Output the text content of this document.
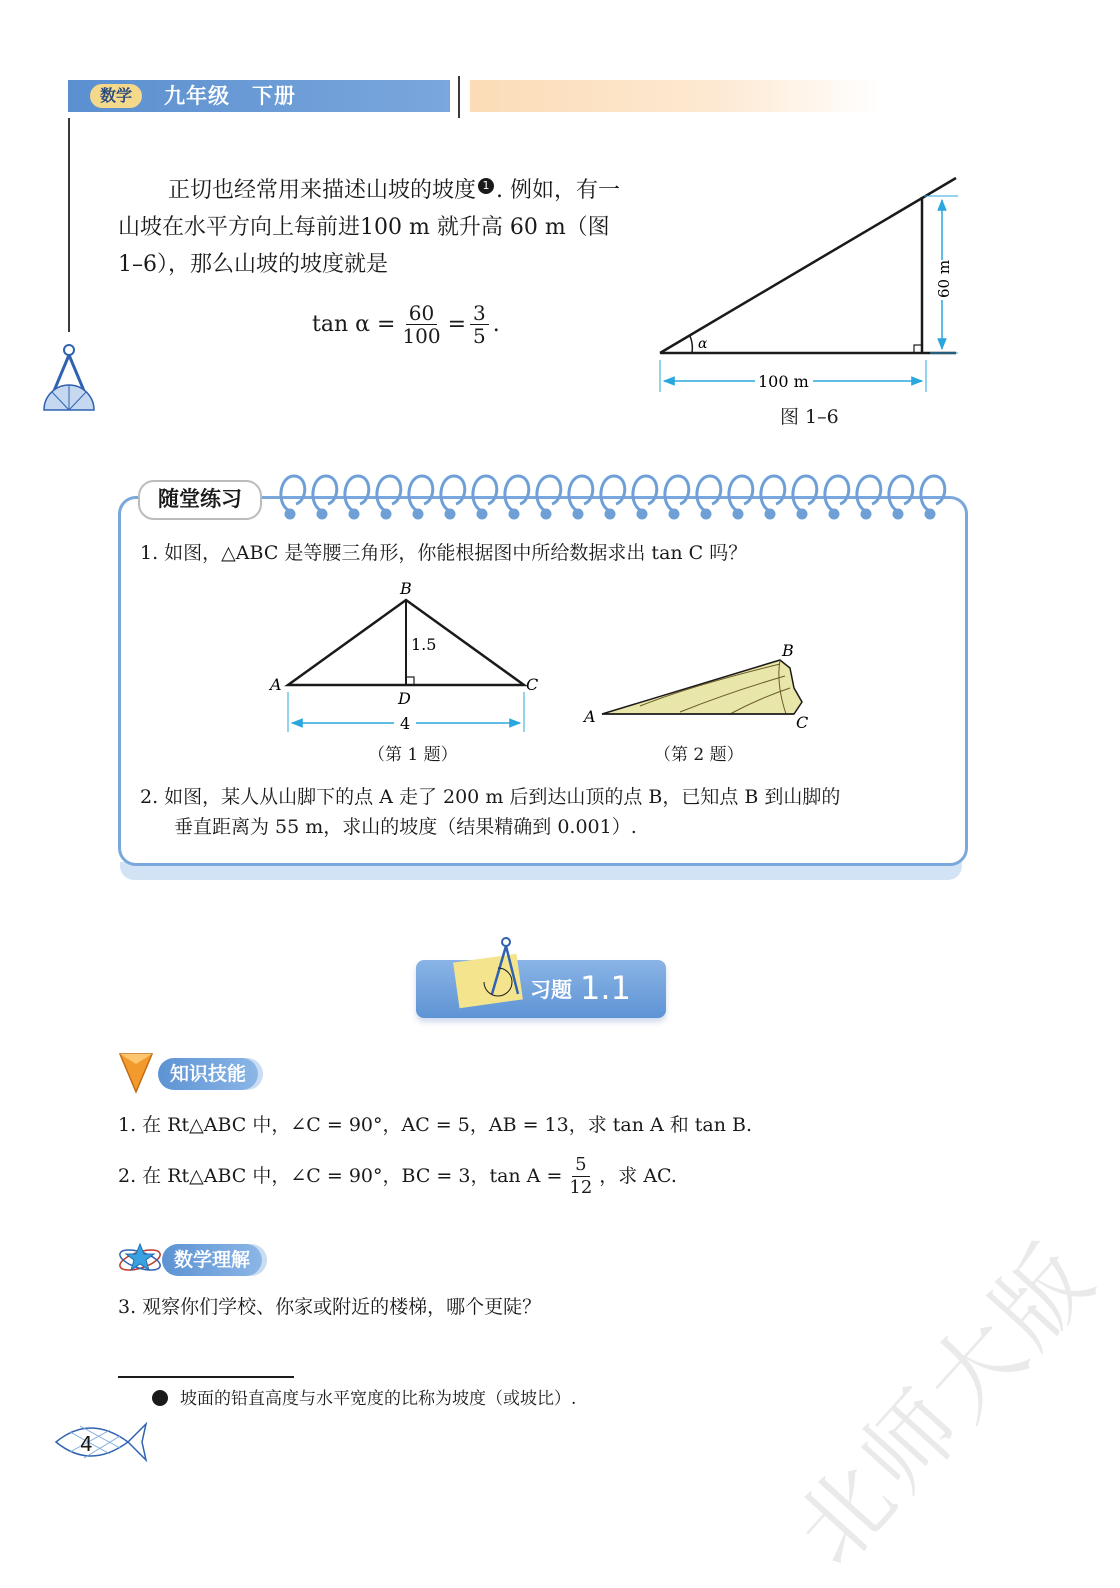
数学	九年级　下册
正切也经常用来描述山坡的坡度 1 . 例如，有一山坡在水平方向上每前进100 m 就升高 60 m（图 1–6），那么山坡的坡度就是
$\tan \alpha = \frac{60}{100} = \frac{3}{5}$ .
α
60 m
100 m
图 1–6
随堂练习
1. 如图，△ABC 是等腰三角形，你能根据图中所给数据求出 tan C 吗？
B
A	C
D
1.5
4
（第 1 题）
A
B
C
（第 2 题）
2. 如图，某人从山脚下的点 A 走了 200 m 后到达山顶的点 B，已知点 B 到山脚的
垂直距离为 55 m，求山的坡度（结果精确到 0.001）.
习题 1.1
知识技能
1. 在 Rt△ABC 中，∠C = 90°，AC = 5，AB = 13，求 tan A 和 tan B.
2. 在 Rt△ABC 中，∠C = 90°，BC = 3，$\tan A = \frac{5}{12}$ ，求 AC.
数学理解
3. 观察你们学校、你家或附近的楼梯，哪个更陡？
坡面的铅直高度与水平宽度的比称为坡度（或坡比）.
4	北师大版
